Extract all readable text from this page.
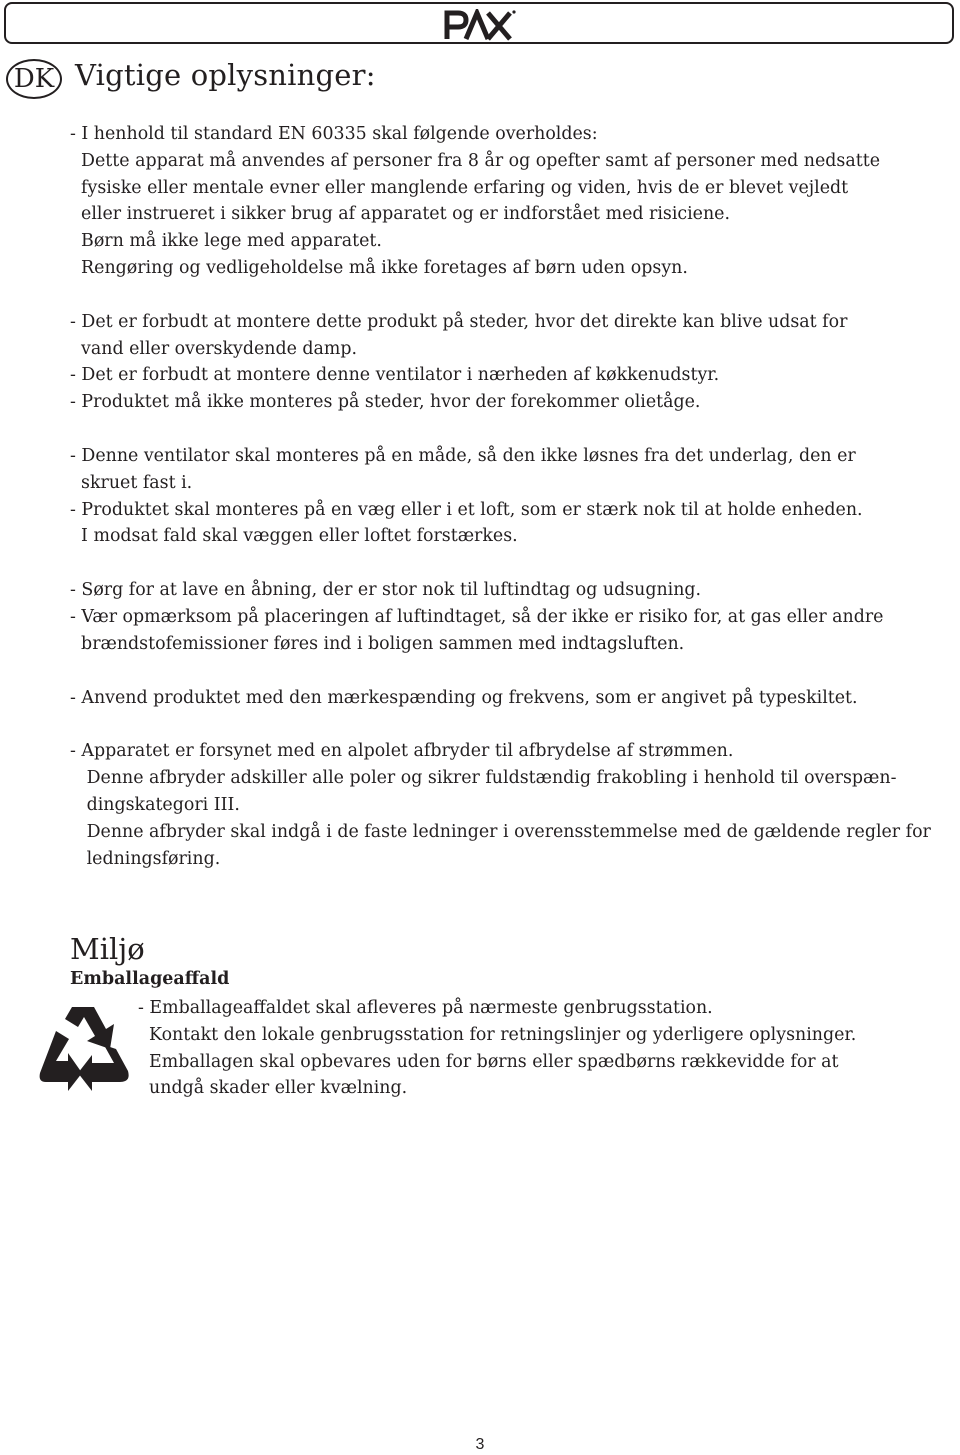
DK Vigtige oplysninger:

- I henhold til standard EN 60335 skal følgende overholdes:
Dette apparat må anvendes af personer fra 8 år og opefter samt af personer med nedsatte
fysiske eller mentale evner eller manglende erfaring og viden, hvis de er blevet vejledt
eller instrueret i sikker brug af apparatet og er indforstået med risiciene.
Børn må ikke lege med apparatet.
Rengøring og vedligeholdelse må ikke foretages af børn uden opsyn.

- Det er forbudt at montere dette produkt på steder, hvor det direkte kan blive udsat for
vand eller overskydende damp.
- Det er forbudt at montere denne ventilator i nærheden af køkkenudstyr.
- Produktet må ikke monteres på steder, hvor der forekommer olietåge.

- Denne ventilator skal monteres på en måde, så den ikke løsnes fra det underlag, den er
skruet fast i.
- Produktet skal monteres på en væg eller i et loft, som er stærk nok til at holde enheden.
I modsat fald skal væggen eller loftet forstærkes.

- Sørg for at lave en åbning, der er stor nok til luftindtag og udsugning.
- Vær opmærksom på placeringen af luftindtaget, så der ikke er risiko for, at gas eller andre
brændstofemissioner føres ind i boligen sammen med indtagsluften.

- Anvend produktet med den mærkespænding og frekvens, som er angivet på typeskiltet.

- Apparatet er forsynet med en alpolet afbryder til afbrydelse af strømmen.
Denne afbryder adskiller alle poler og sikrer fuldstændig frakobling i henhold til overspæn-
dingskategori III.
Denne afbryder skal indgå i de faste ledninger i overensstemmelse med de gældende regler for
ledningsføring.

Miljø
Emballageaffald
- Emballageaffaldet skal afleveres på nærmeste genbrugsstation.
Kontakt den lokale genbrugsstation for retningslinjer og yderligere oplysninger.
Emballagen skal opbevares uden for børns eller spædbørns rækkevidde for at
undgå skader eller kvælning.
3
